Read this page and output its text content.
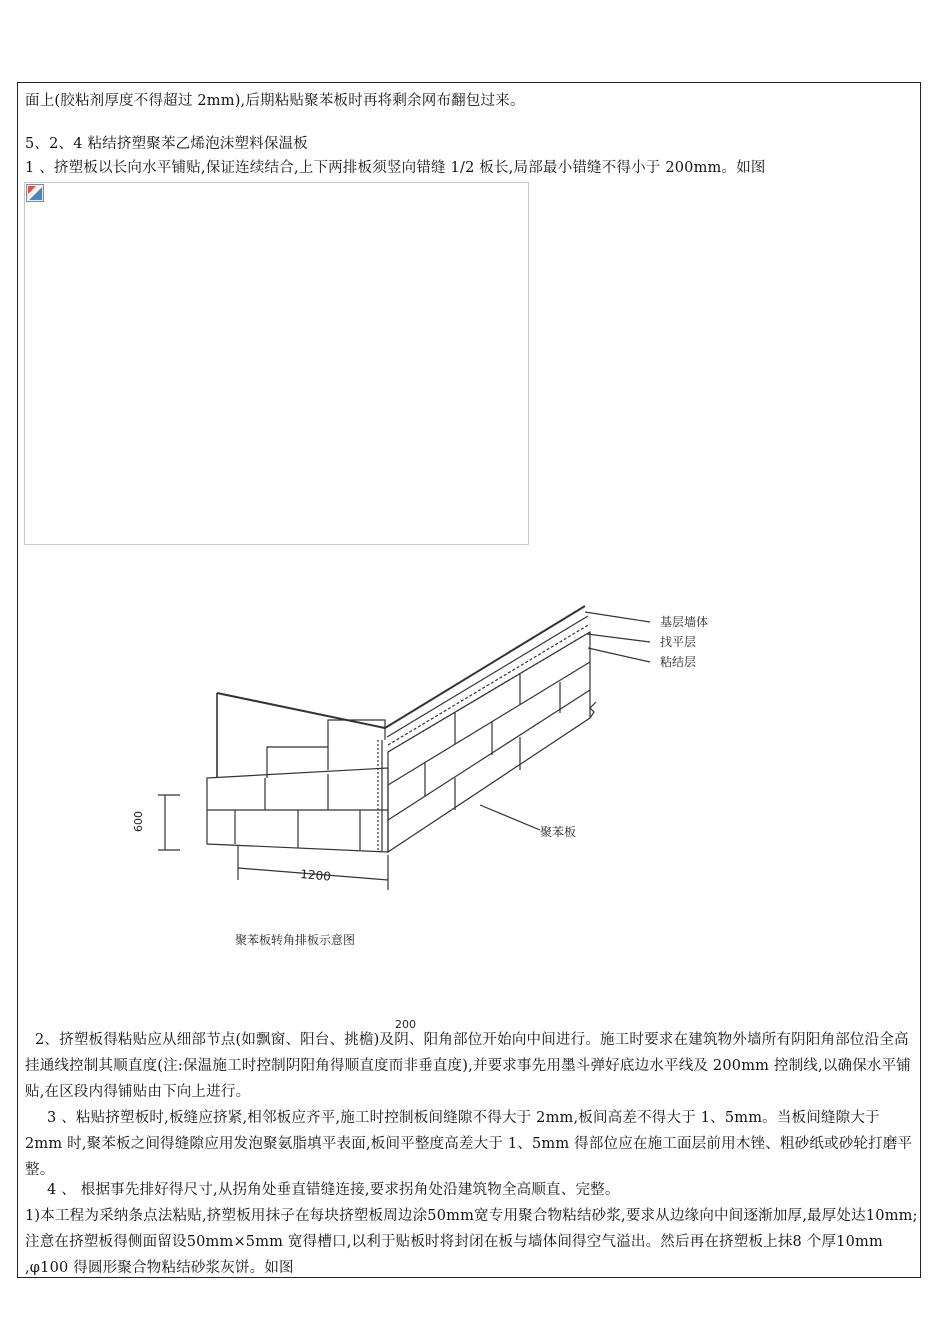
面上(胶粘剂厚度不得超过 2mm),后期粘贴聚苯板时再将剩余网布翻包过来。
5、2、4 粘结挤塑聚苯乙烯泡沫塑料保温板
1 、挤塑板以长向水平铺贴,保证连续结合,上下两排板须竖向错缝 1/2 板长,局部最小错缝不得小于 200mm。如图
基层墙体
找平层
粘结层
聚苯板
1200
600
聚苯板转角排板示意图
200
2、挤塑板得粘贴应从细部节点(如飘窗、阳台、挑檐)及阴、阳角部位开始向中间进行。施工时要求在建筑物外墙所有阴阳角部位沿全高挂通线控制其顺直度(注:保温施工时控制阴阳角得顺直度而非垂直度),并要求事先用墨斗弹好底边水平线及 200mm 控制线,以确保水平铺贴,在区段内得铺贴由下向上进行。
3 、粘贴挤塑板时,板缝应挤紧,相邻板应齐平,施工时控制板间缝隙不得大于 2mm,板间高差不得大于 1、5mm。当板间缝隙大于 2mm 时,聚苯板之间得缝隙应用发泡聚氨脂填平表面,板间平整度高差大于 1、5mm 得部位应在施工面层前用木锉、粗砂纸或砂轮打磨平整。
4 、 根据事先排好得尺寸,从拐角处垂直错缝连接,要求拐角处沿建筑物全高顺直、完整。
1)本工程为采纳条点法粘贴,挤塑板用抹子在每块挤塑板周边涂50mm宽专用聚合物粘结砂浆,要求从边缘向中间逐渐加厚,最厚处达10mm;注意在挤塑板得侧面留设50mm×5mm 宽得槽口,以利于贴板时将封闭在板与墙体间得空气溢出。然后再在挤塑板上抹8 个厚10mm ,φ100 得圆形聚合物粘结砂浆灰饼。如图
